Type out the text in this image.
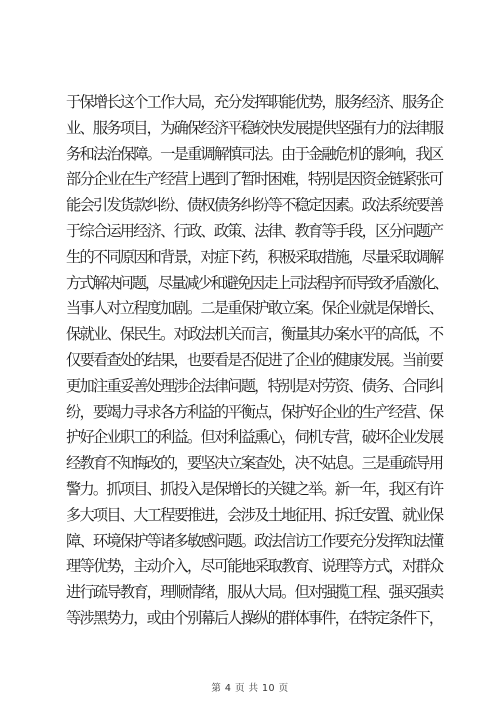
于保增长这个工作大局，充分发挥职能优势，服务经济、服务企
业、服务项目，为确保经济平稳较快发展提供坚强有力的法律服
务和法治保障。一是重调解慎司法。由于金融危机的影响，我区
部分企业在生产经营上遇到了暂时困难，特别是因资金链紧张可
能会引发货款纠纷、债权债务纠纷等不稳定因素。政法系统要善
于综合运用经济、行政、政策、法律、教育等手段，区分问题产
生的不同原因和背景，对症下药，积极采取措施，尽量采取调解
方式解决问题，尽量减少和避免因走上司法程序而导致矛盾激化、
当事人对立程度加剧。二是重保护敢立案。保企业就是保增长、
保就业、保民生。对政法机关而言，衡量其办案水平的高低，不
仅要看查处的结果，也要看是否促进了企业的健康发展。当前要
更加注重妥善处理涉企法律问题，特别是对劳资、债务、合同纠
纷，要竭力寻求各方利益的平衡点，保护好企业的生产经营、保
护好企业职工的利益。但对利益熏心，伺机专营，破坏企业发展
经教育不知悔改的，要坚决立案查处，决不姑息。三是重疏导用
警力。抓项目、抓投入是保增长的关键之举。新一年，我区有许
多大项目、大工程要推进，会涉及土地征用、拆迁安置、就业保
障、环境保护等诸多敏感问题。政法信访工作要充分发挥知法懂
理等优势，主动介入，尽可能地采取教育、说理等方式，对群众
进行疏导教育，理顺情绪，服从大局。但对强揽工程、强买强卖
等涉黑势力，或由个别幕后人操纵的群体事件，在特定条件下，
第 4 页 共 10 页
